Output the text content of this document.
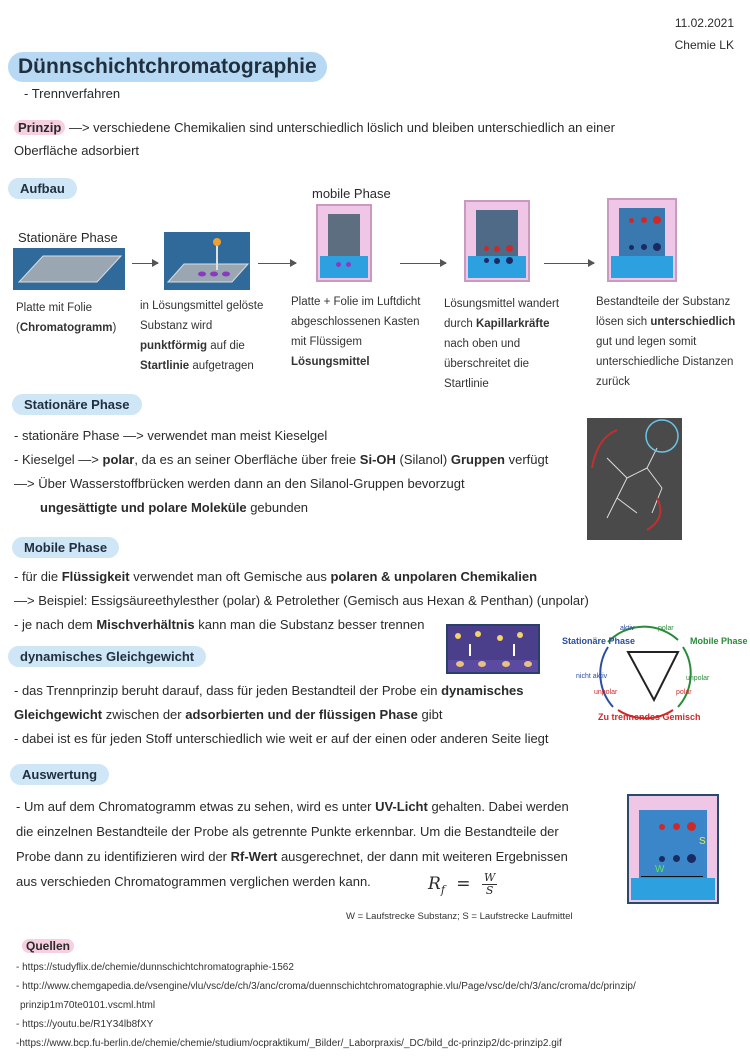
11.02.2021
Chemie LK
Dünnschichtchromatographie
- Trennverfahren
Prinzip —> verschiedene Chemikalien sind unterschiedlich löslich und bleiben unterschiedlich an einer
Oberfläche adsorbiert
Aufbau
Stationäre Phase
mobile Phase
Platte mit Folie
(Chromatogramm)
in Lösungsmittel gelöste
Substanz wird
punktförmig auf die
Startlinie aufgetragen
Platte + Folie im Luftdicht
abgeschlossenen Kasten
mit Flüssigem
Lösungsmittel
Lösungsmittel wandert
durch Kapillarkräfte
nach oben und
überschreitet die
Startlinie
Bestandteile der Substanz
lösen sich unterschiedlich
gut und legen somit
unterschiedliche Distanzen
zurück
Stationäre Phase
- stationäre Phase —> verwendet man meist Kieselgel
- Kieselgel —> polar, da es an seiner Oberfläche über freie Si-OH (Silanol) Gruppen verfügt
—> Über Wasserstoffbrücken werden dann an den Silanol-Gruppen bevorzugt
ungesättigte und polare Moleküle gebunden
Mobile Phase
- für die Flüssigkeit verwendet man oft Gemische aus polaren & unpolaren Chemikalien
—> Beispiel: Essigsäureethylesther (polar) & Petrolether (Gemisch aus Hexan & Penthan) (unpolar)
- je nach dem Mischverhältnis kann man die Substanz besser trennen
dynamisches Gleichgewicht
- das Trennprinzip beruht darauf, dass für jeden Bestandteil der Probe ein dynamisches
Gleichgewicht zwischen der adsorbierten und der flüssigen Phase gibt
- dabei ist es für jeden Stoff unterschiedlich wie weit er auf der einen oder anderen Seite liegt
Stationäre Phase	Mobile Phase
aktiv	polar
nicht aktiv	unpolar
unpolar	polar
Zu trennendes Gemisch
Auswertung
- Um auf dem Chromatogramm etwas zu sehen, wird es unter UV-Licht gehalten. Dabei werden
die einzelnen Bestandteile der Probe als getrennte Punkte erkennbar. Um die Bestandteile der
Probe dann zu identifizieren wird der Rf-Wert ausgerechnet, der dann mit weiteren Ergebnissen
aus verschieden Chromatogrammen verglichen werden kann.	$R_f = \frac{W}{S}$
W = Laufstrecke Substanz; S = Laufstrecke Laufmittel
S
W
Quellen
- https://studyflix.de/chemie/dunnschichtchromatographie-1562
- http://www.chemgapedia.de/vsengine/vlu/vsc/de/ch/3/anc/croma/duennschichtchromatographie.vlu/Page/vsc/de/ch/3/anc/croma/dc/prinzip/
prinzip1m70te0101.vscml.html
- https://youtu.be/R1Y34lb8fXY
-https://www.bcp.fu-berlin.de/chemie/chemie/studium/ocpraktikum/_Bilder/_Laborpraxis/_DC/bild_dc-prinzip2/dc-prinzip2.gif
